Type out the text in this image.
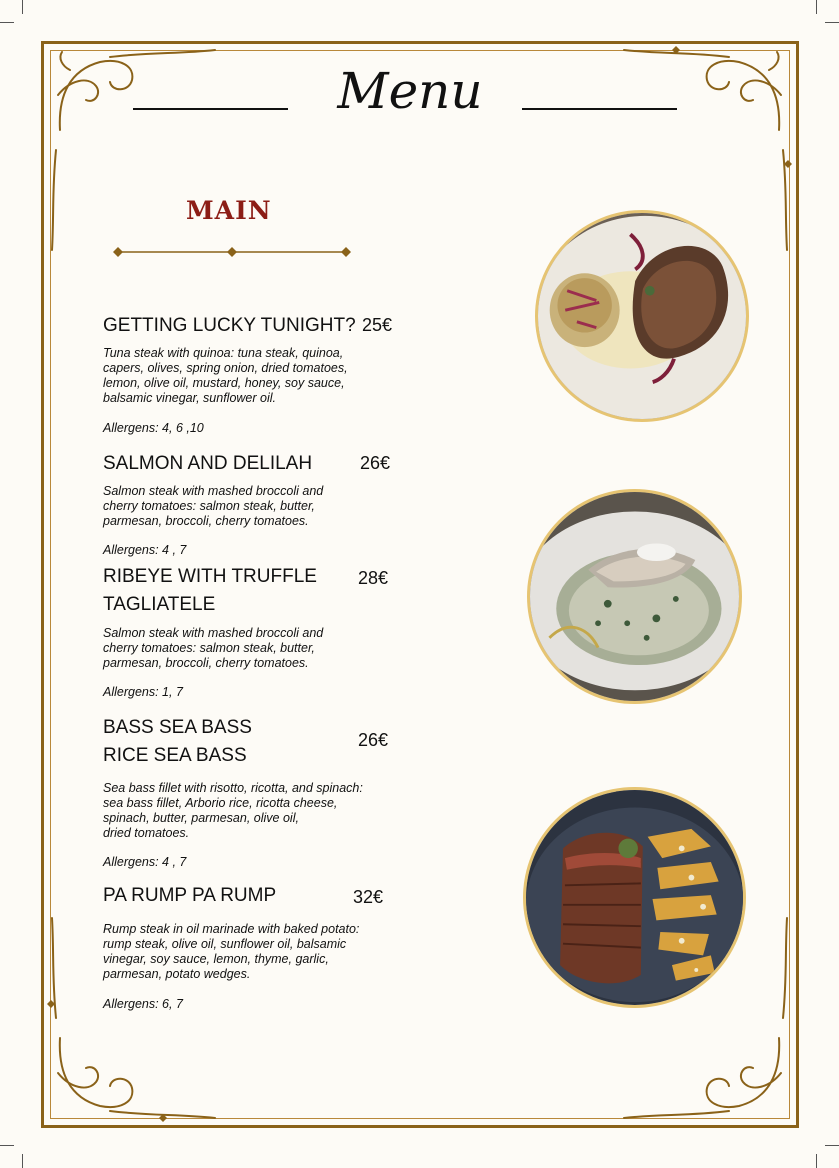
Menu
MAIN
GETTING LUCKY TUNIGHT? 25€
Tuna steak with quinoa: tuna steak, quinoa,
capers, olives, spring onion, dried tomatoes,
lemon, olive oil, mustard, honey, soy sauce,
balsamic vinegar, sunflower oil.
Allergens: 4, 6 ,10
SALMON AND DELILAH	26€
Salmon steak with mashed broccoli and
cherry tomatoes: salmon steak, butter,
parmesan, broccoli, cherry tomatoes.
Allergens: 4 , 7
RIBEYE WITH TRUFFLE
TAGLIATELE
28€
Salmon steak with mashed broccoli and
cherry tomatoes: salmon steak, butter,
parmesan, broccoli, cherry tomatoes.
Allergens: 1, 7
BASS SEA BASS
RICE SEA BASS
26€
Sea bass fillet with risotto, ricotta, and spinach:
sea bass fillet, Arborio rice, ricotta cheese,
spinach, butter, parmesan, olive oil,
dried tomatoes.
Allergens: 4 , 7
PA RUMP PA RUMP	32€
Rump steak in oil marinade with baked potato:
rump steak, olive oil, sunflower oil, balsamic
vinegar, soy sauce, lemon, thyme, garlic,
parmesan, potato wedges.
Allergens: 6, 7
